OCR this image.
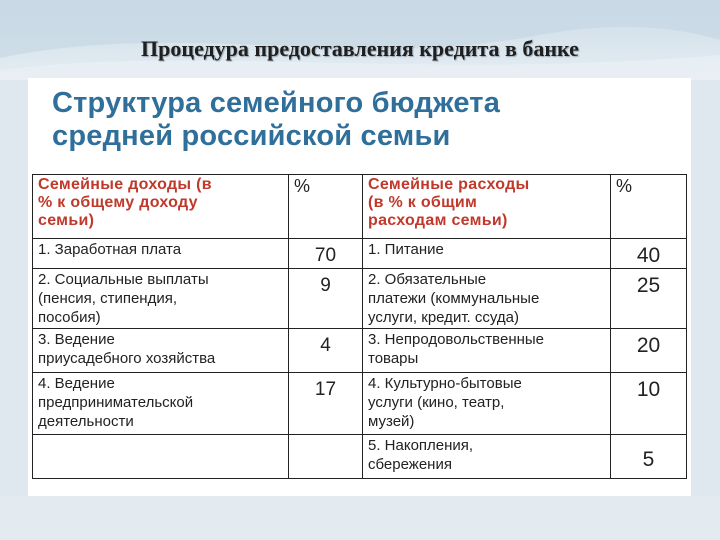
Процедура предоставления кредита в банке
Структура семейного бюджета
средней российской семьи
Семейные доходы (в
% к общему доходу
семьи)	%	Семейные расходы
(в % к общим
расходам семьи)	%
1. Заработная плата	70	1. Питание	40
2. Социальные выплаты
(пенсия, стипендия,
пособия)	9	2. Обязательные
платежи (коммунальные
услуги, кредит. ссуда)	25
3. Ведение
приусадебного хозяйства	4	3. Непродовольственные
товары	20
4. Ведение
предпринимательской
деятельности	17	4. Культурно-бытовые
услуги (кино, театр,
музей)	10
		5. Накопления,
сбережения	5
